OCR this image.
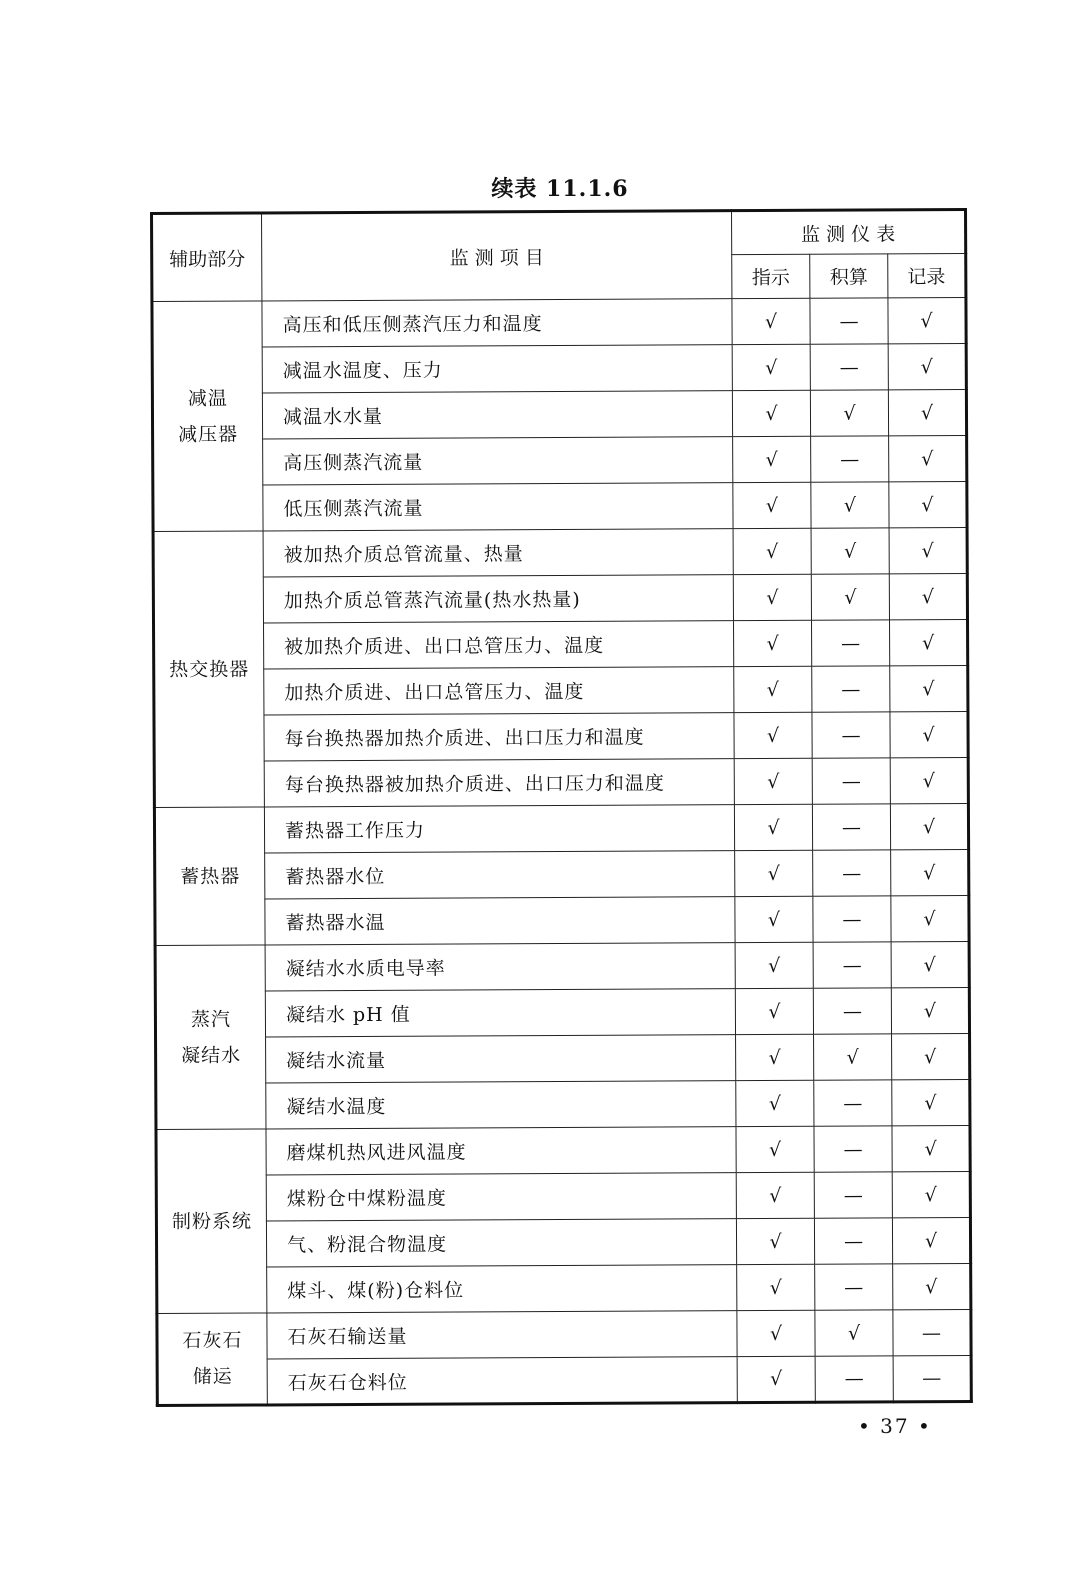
续表 11.1.6
辅助部分	监 测 项 目	监 测 仪 表		
		指示	积算	记录

减温
减压器	高压和低压侧蒸汽压力和温度	√	—	√
	减温水温度、压力	√	—	√
	减温水水量	√	√	√
	高压侧蒸汽流量	√	—	√
	低压侧蒸汽流量	√	√	√

热交换器	被加热介质总管流量、热量	√	√	√
	加热介质总管蒸汽流量(热水热量)	√	√	√
	被加热介质进、出口总管压力、温度	√	—	√
	加热介质进、出口总管压力、温度	√	—	√
	每台换热器加热介质进、出口压力和温度	√	—	√
	每台换热器被加热介质进、出口压力和温度	√	—	√

蓄热器	蓄热器工作压力	√	—	√
	蓄热器水位	√	—	√
	蓄热器水温	√	—	√

蒸汽
凝结水	凝结水水质电导率	√	—	√
	凝结水 pH 值	√	—	√
	凝结水流量	√	√	√
	凝结水温度	√	—	√

制粉系统	磨煤机热风进风温度	√	—	√
	煤粉仓中煤粉温度	√	—	√
	气、粉混合物温度	√	—	√
	煤斗、煤(粉)仓料位	√	—	√

石灰石
储运	石灰石输送量	√	√	—
	石灰石仓料位	√	—	—
• 37 •
